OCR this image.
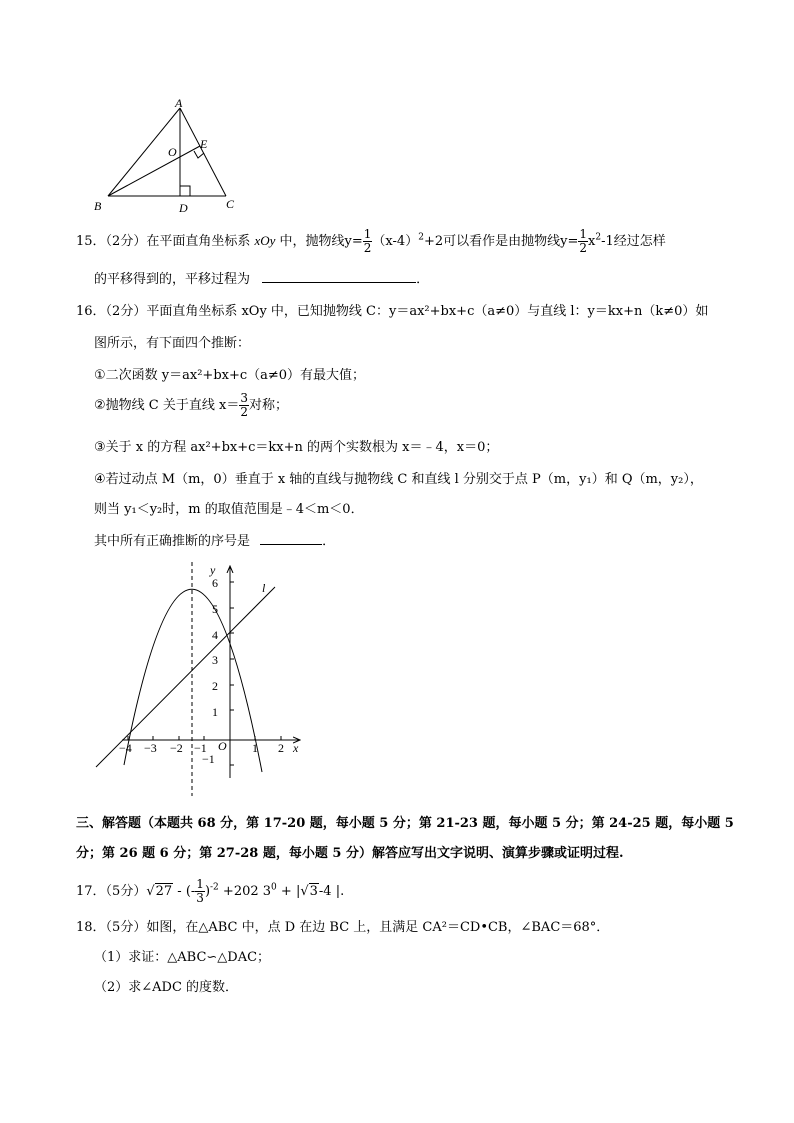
A
B	C
D
E
O
15．（2分）在平面直角坐标系 xOy 中，抛物线$y= \frac{1}{2} (x-4)^2+2$可以看作是由抛物线$y= \frac{1}{2} x^2-1$经过怎样
的平移得到的，平移过程为	．
16．（2分）平面直角坐标系 xOy 中，已知抛物线 C：y＝ax²+bx+c（a≠0）与直线 l：y＝kx+n（k≠0）如
图所示，有下面四个推断：
①二次函数 y＝ax²+bx+c（a≠0）有最大值；
②抛物线 C 关于直线 $x= \frac{3}{2}$ 对称；
③关于 x 的方程 ax²+bx+c＝kx+n 的两个实数根为 x＝﹣4，x＝0；
④若过动点 M（m，0）垂直于 x 轴的直线与抛物线 C 和直线 l 分别交于点 P（m，y₁）和 Q（m，y₂），
则当 y₁＜y₂时，m 的取值范围是﹣4＜m＜0．
其中所有正确推断的序号是	．
y
x
l
O
6
5
4
3
2
1
−1
−4 −3 −2 −1	1 2
三、解答题（本题共 68 分，第 17-20 题，每小题 5 分；第 21-23 题，每小题 5 分；第 24-25 题，每小题 5
分；第 26 题 6 分；第 27-28 题，每小题 5 分）解答应写出文字说明、演算步骤或证明过程.
17．（5分）√27 - (- $\frac{1}{3} )^{-2} +202$ $3^0 + |√3-4$ |.
18．（5分）如图，在△ABC 中，点 D 在边 BC 上，且满足 CA²＝CD•CB，∠BAC＝68°．
（1）求证：△ABC∽△DAC；
（2）求∠ADC 的度数．
